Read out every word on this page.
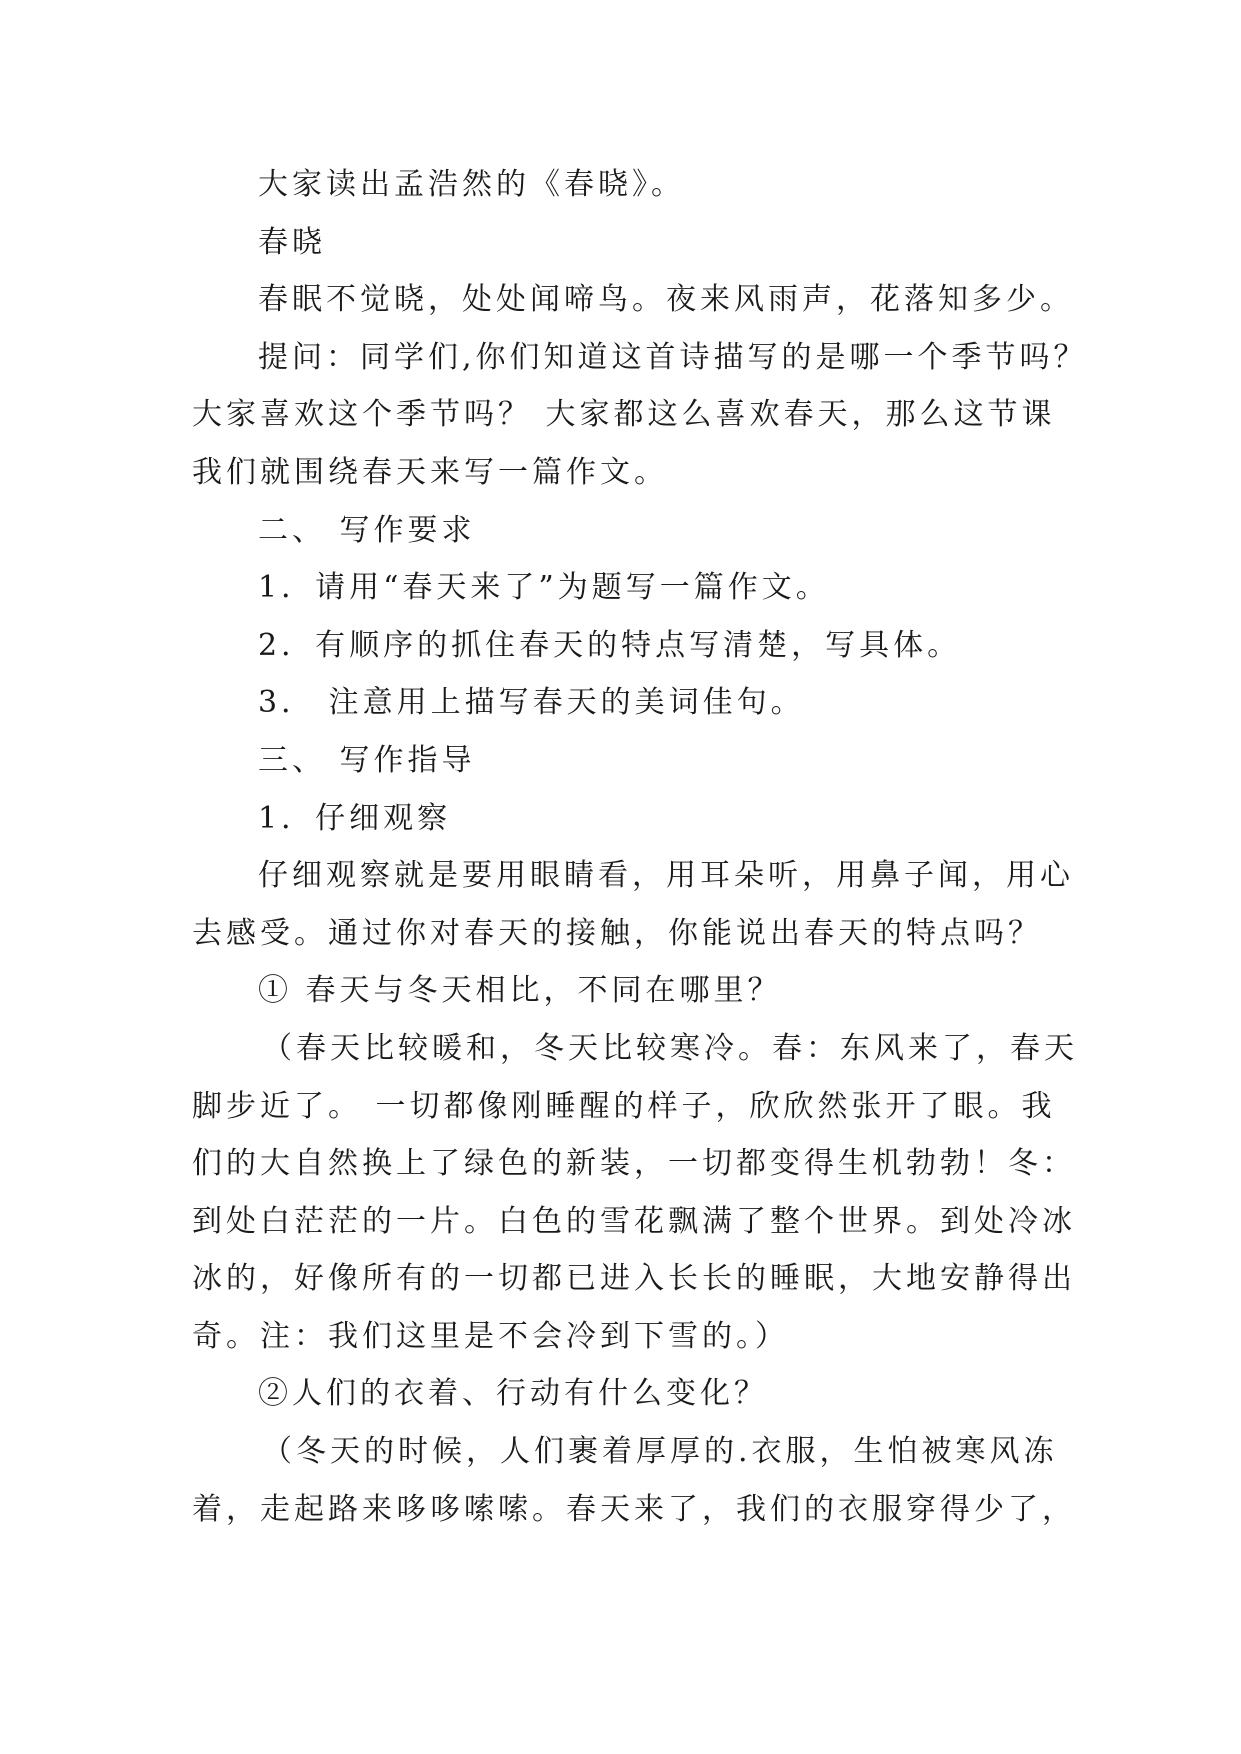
大家读出孟浩然的《春晓》。
春晓
春眠不觉晓，处处闻啼鸟。夜来风雨声，花落知多少。
提问：同学们,你们知道这首诗描写的是哪一个季节吗？
大家喜欢这个季节吗？ 大家都这么喜欢春天，那么这节课
我们就围绕春天来写一篇作文。
二、 写作要求
1．请用“春天来了”为题写一篇作文。
2．有顺序的抓住春天的特点写清楚，写具体。
3． 注意用上描写春天的美词佳句。
三、 写作指导
1．仔细观察
仔细观察就是要用眼睛看，用耳朵听，用鼻子闻，用心
去感受。通过你对春天的接触，你能说出春天的特点吗？
① 春天与冬天相比，不同在哪里？
（春天比较暖和，冬天比较寒冷。春：东风来了，春天
脚步近了。 一切都像刚睡醒的样子，欣欣然张开了眼。我
们的大自然换上了绿色的新装，一切都变得生机勃勃！冬：
到处白茫茫的一片。白色的雪花飘满了整个世界。到处冷冰
冰的，好像所有的一切都已进入长长的睡眠，大地安静得出
奇。注：我们这里是不会冷到下雪的。）
②人们的衣着、行动有什么变化？
（冬天的时候，人们裹着厚厚的.衣服，生怕被寒风冻
着，走起路来哆哆嗦嗦。春天来了，我们的衣服穿得少了，
